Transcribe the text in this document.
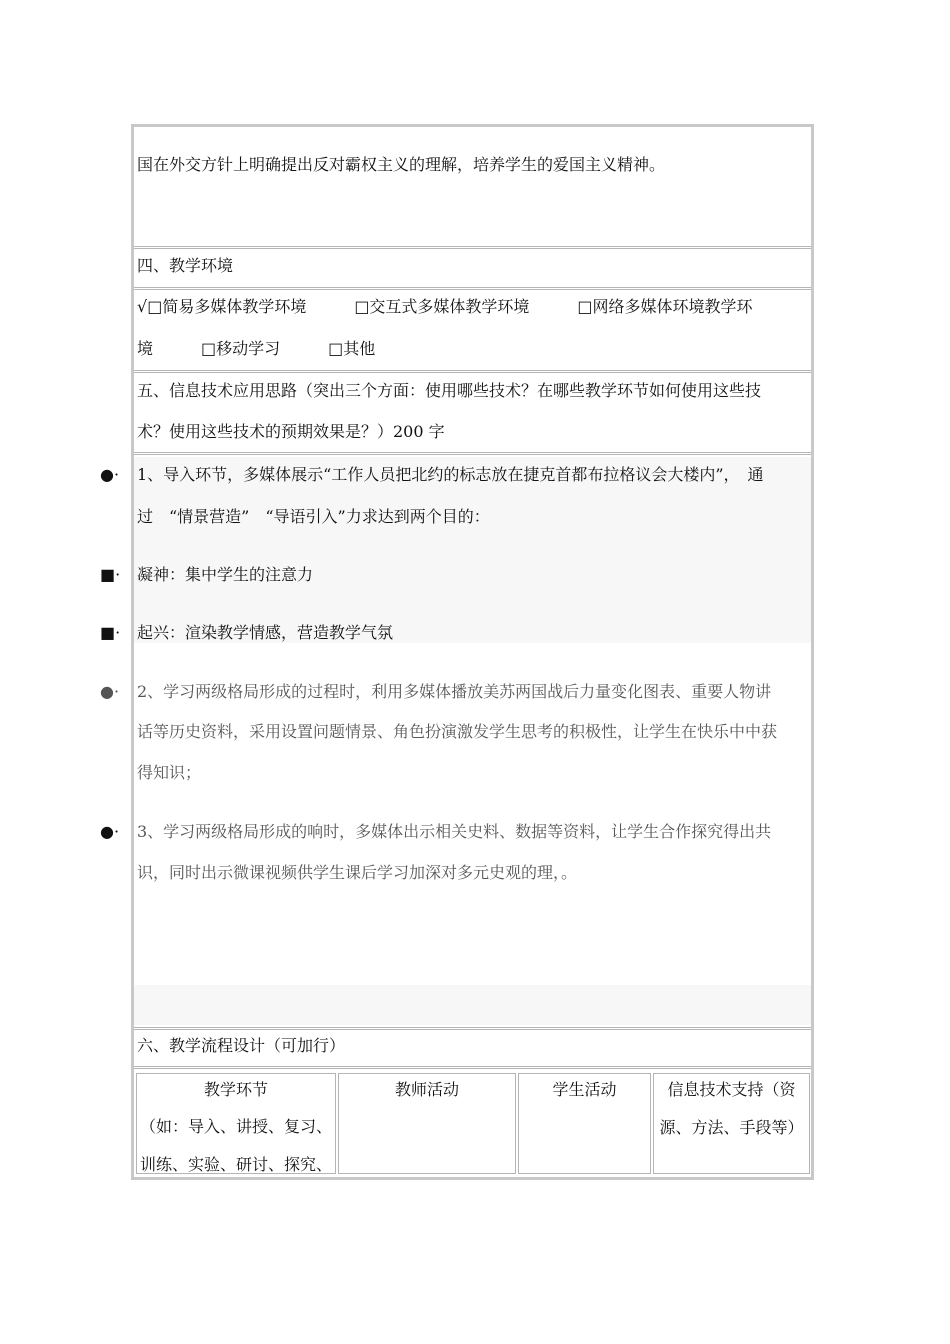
国在外交方针上明确提出反对霸权主义的理解，培养学生的爱国主义精神。
四、教学环境
√□简易多媒体教学环境　　　□交互式多媒体教学环境　　　□网络多媒体环境教学环
境　　　□移动学习　　　□其他
五、信息技术应用思路（突出三个方面：使用哪些技术？在哪些教学环节如何使用这些技
术？使用这些技术的预期效果是？）200 字
●· 1、导入环节，多媒体展示“工作人员把北约的标志放在捷克首都布拉格议会大楼内”，　通
过　“情景营造”　“导语引入”力求达到两个目的：
■· 凝神：集中学生的注意力
■· 起兴：渲染教学情感，营造教学气氛
●· 2、学习两级格局形成的过程时，利用多媒体播放美苏两国战后力量变化图表、重要人物讲
话等历史资料，采用设置问题情景、角色扮演激发学生思考的积极性，让学生在快乐中中获
得知识；
●· 3、学习两级格局形成的响时，多媒体出示相关史料、数据等资料，让学生合作探究得出共
识，同时出示微课视频供学生课后学习加深对多元史观的理，。
六、教学流程设计（可加行）
教学环节
（如：导入、讲授、复习、
训练、实验、研讨、探究、
教师活动	学生活动	信息技术支持（资
源、方法、手段等）
